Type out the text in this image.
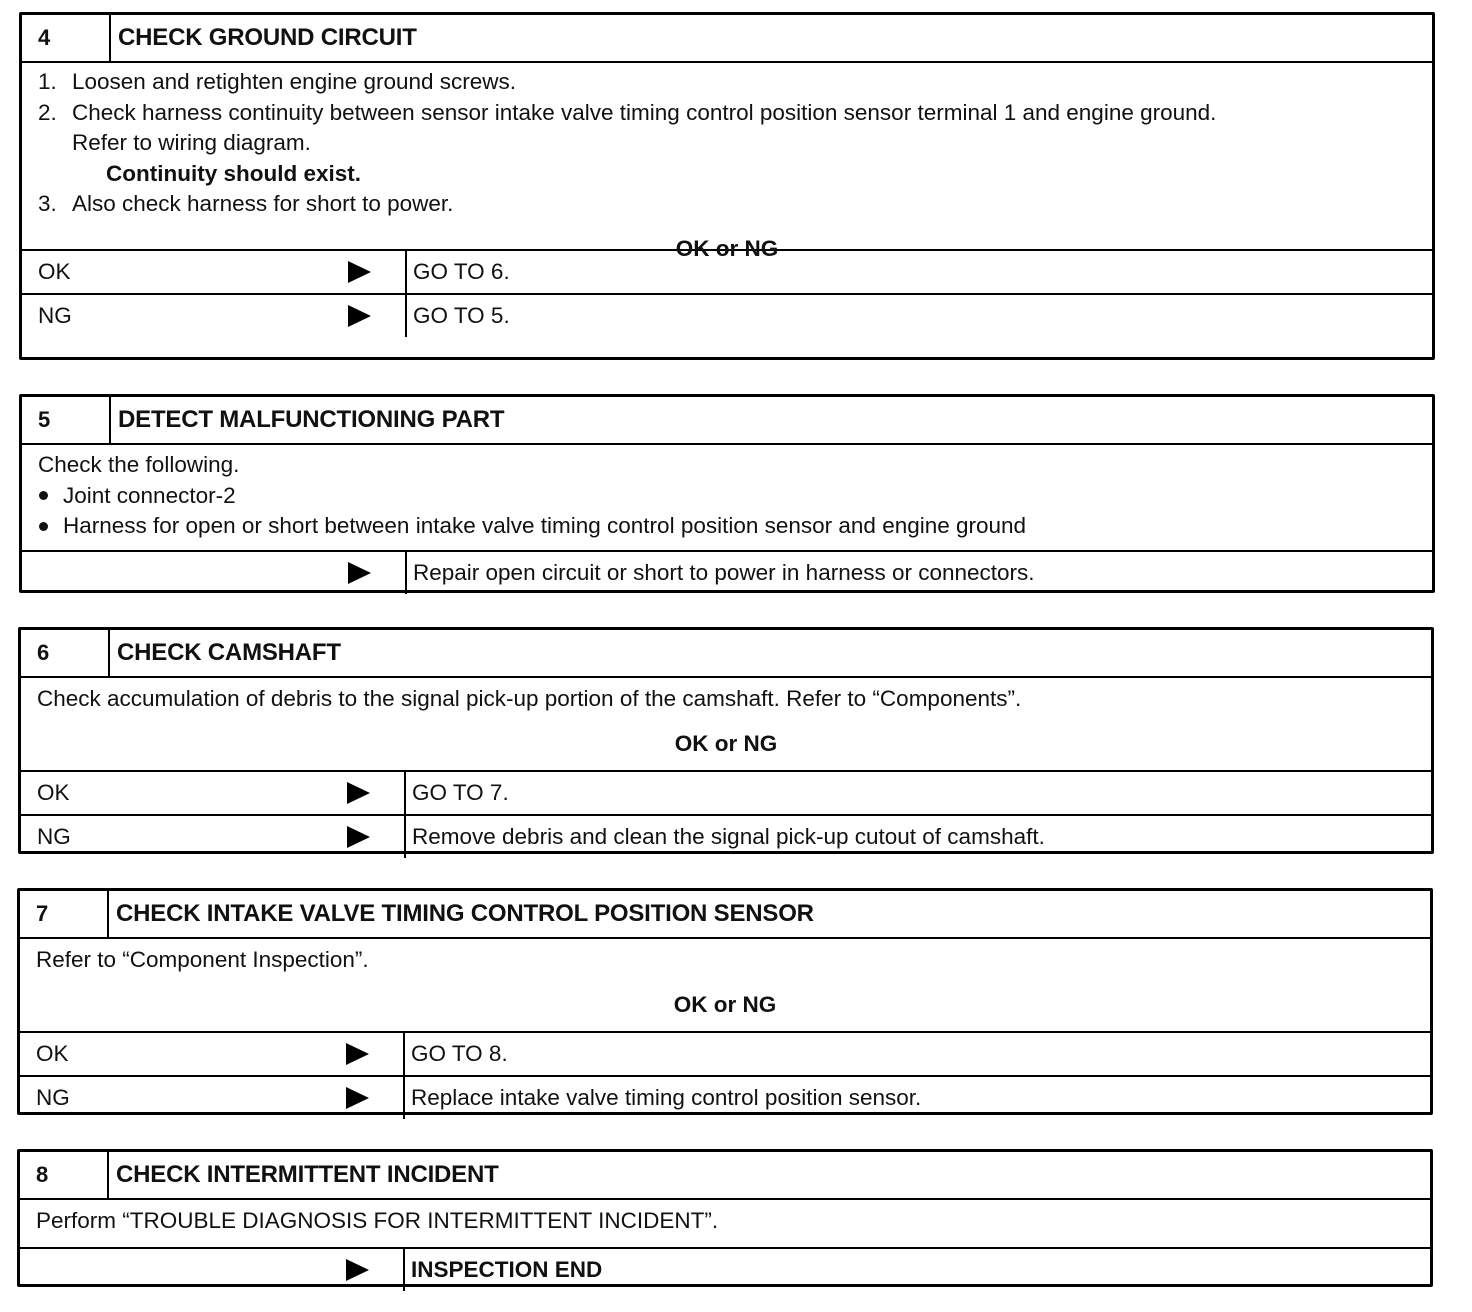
4	CHECK GROUND CIRCUIT
1. Loosen and retighten engine ground screws.
2. Check harness continuity between sensor intake valve timing control position sensor terminal 1 and engine ground.

Refer to wiring diagram.

Continuity should exist.

3. Also check harness for short to power.

OK or NG

OK	GO TO 6.
NG	GO TO 5.
5	DETECT MALFUNCTIONING PART

Check the following.

Joint connector-2
Harness for open or short between intake valve timing control position sensor and engine ground
Repair open circuit or short to power in harness or connectors.
6	CHECK CAMSHAFT

Check accumulation of debris to the signal pick-up portion of the camshaft. Refer to “Components”.

OK or NG

OK	GO TO 7.
NG	Remove debris and clean the signal pick-up cutout of camshaft.
7	CHECK INTAKE VALVE TIMING CONTROL POSITION SENSOR

Refer to “Component Inspection”.

OK or NG

OK	GO TO 8.
NG	Replace intake valve timing control position sensor.
8	CHECK INTERMITTENT INCIDENT

Perform “TROUBLE DIAGNOSIS FOR INTERMITTENT INCIDENT”.

INSPECTION END
